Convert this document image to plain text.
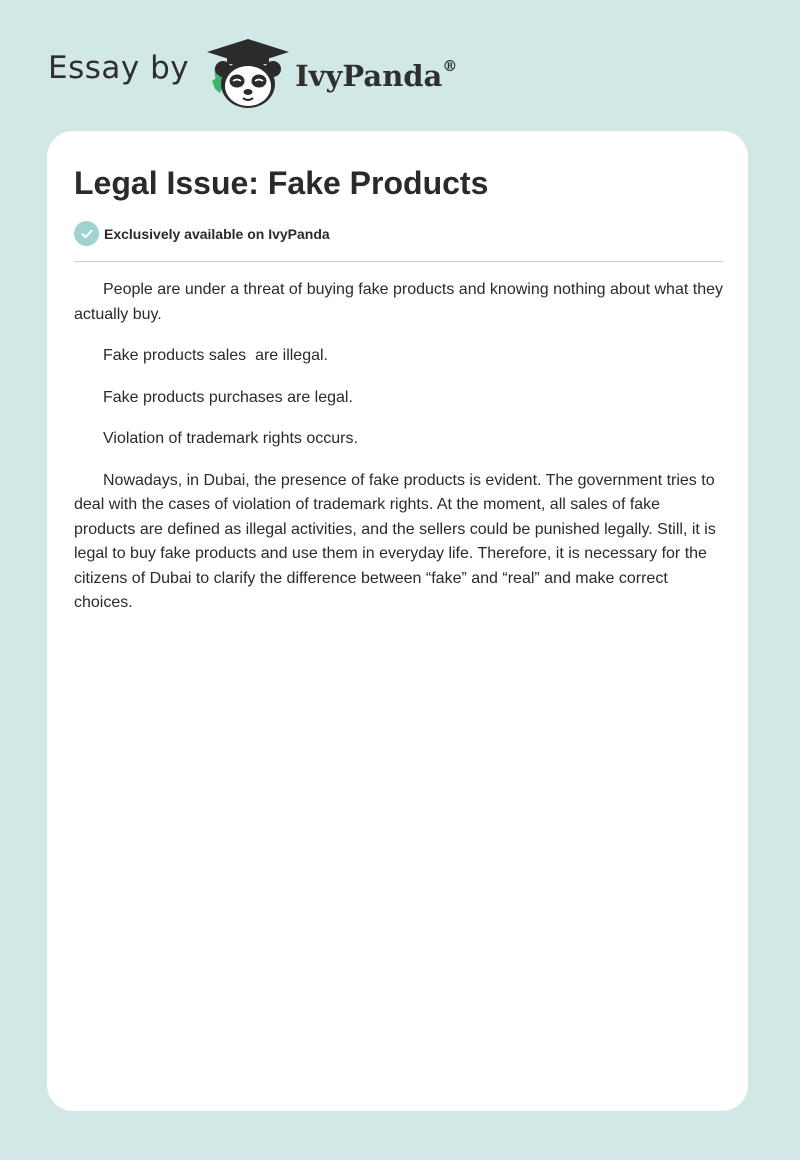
Essay by	IvyPanda®
Legal Issue: Fake Products
Exclusively available on IvyPanda

People are under a threat of buying fake products and knowing nothing about what they actually buy.

Fake products sales  are illegal.

Fake products purchases are legal.

Violation of trademark rights occurs.

Nowadays, in Dubai, the presence of fake products is evident. The government tries to deal with the cases of violation of trademark rights. At the moment, all sales of fake products are defined as illegal activities, and the sellers could be punished legally. Still, it is legal to buy fake products and use them in everyday life. Therefore, it is necessary for the citizens of Dubai to clarify the difference between “fake” and “real” and make correct choices.
